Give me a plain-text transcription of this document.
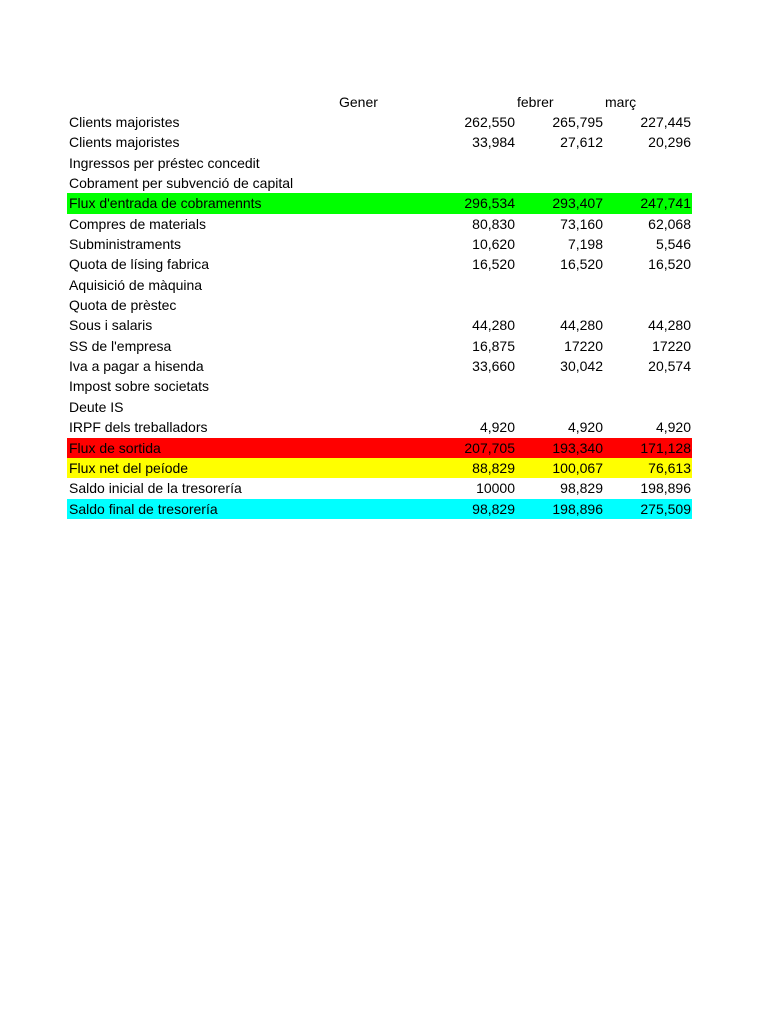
Gener	febrer	març
Clients majoristes	262,550	265,795	227,445
Clients majoristes	33,984	27,612	20,296
Ingressos per préstec concedit
Cobrament per subvenció de capital
Flux d'entrada de cobramennts	296,534	293,407	247,741
Compres de materials	80,830	73,160	62,068
Subministraments	10,620	7,198	5,546
Quota de lísing fabrica	16,520	16,520	16,520
Aquisició de màquina
Quota de prèstec
Sous i salaris	44,280	44,280	44,280
SS de l'empresa	16,875	17220	17220
Iva a pagar a hisenda	33,660	30,042	20,574
Impost sobre societats
Deute IS
IRPF dels treballadors	4,920	4,920	4,920
Flux de sortida	207,705	193,340	171,128
Flux net del peíode	88,829	100,067	76,613
Saldo inicial de la tresorería	10000	98,829	198,896
Saldo final de tresorería	98,829	198,896	275,509
